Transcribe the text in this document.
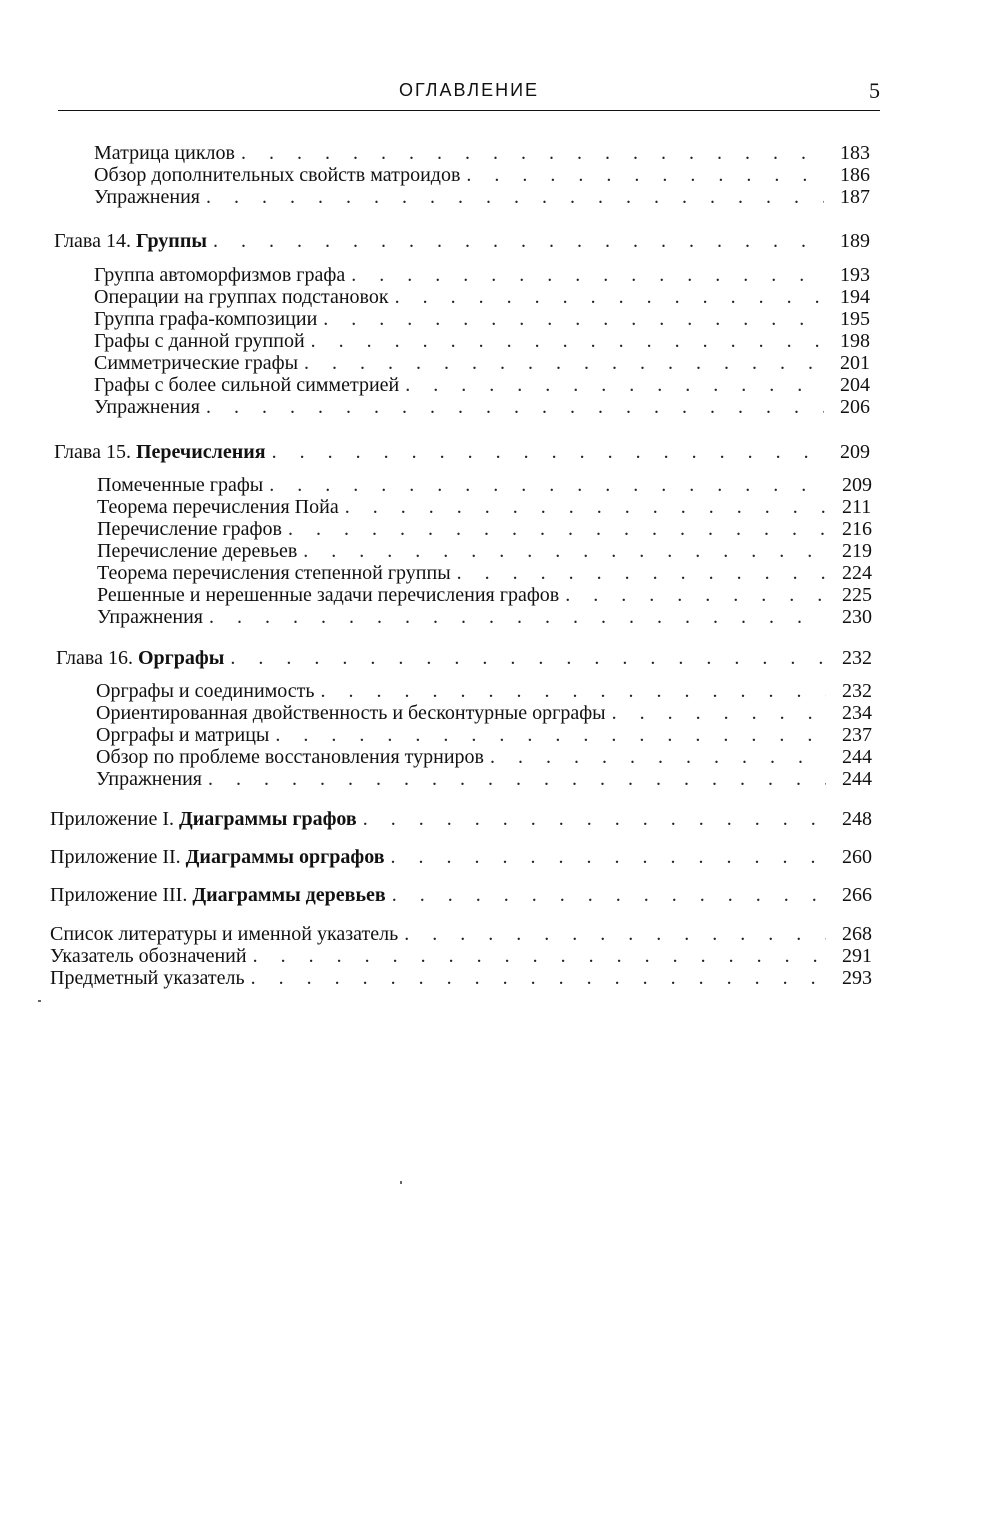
ОГЛАВЛЕНИЕ	5
Матрица циклов . . .	183
Обзор дополнительных свойств матроидов . . .	186
Упражнения . . .	187
Глава 14. Группы . . .	189
Группа автоморфизмов графа . . .	193
Операции на группах подстановок . . .	194
Группа графа-композиции . . .	195
Графы с данной группой . . .	198
Симметрические графы . . .	201
Графы с более сильной симметрией . . .	204
Упражнения . . .	206
Глава 15. Перечисления . . .	209
Помеченные графы . . .	209
Теорема перечисления Пойа . . .	211
Перечисление графов . . .	216
Перечисление деревьев . . .	219
Теорема перечисления степенной группы . . .	224
Решенные и нерешенные задачи перечисления графов . . .	225
Упражнения . . .	230
Глава 16. Орграфы . . .	232
Орграфы и соединимость . . .	232
Ориентированная двойственность и бесконтурные орграфы . . .	234
Орграфы и матрицы . . .	237
Обзор по проблеме восстановления турниров . . .	244
Упражнения . . .	244
Приложение I. Диаграммы графов . . .	248
Приложение II. Диаграммы орграфов . . .	260
Приложение III. Диаграммы деревьев . . .	266
Список литературы и именной указатель . . .	268
Указатель обозначений . . .	291
Предметный указатель . . .	293
